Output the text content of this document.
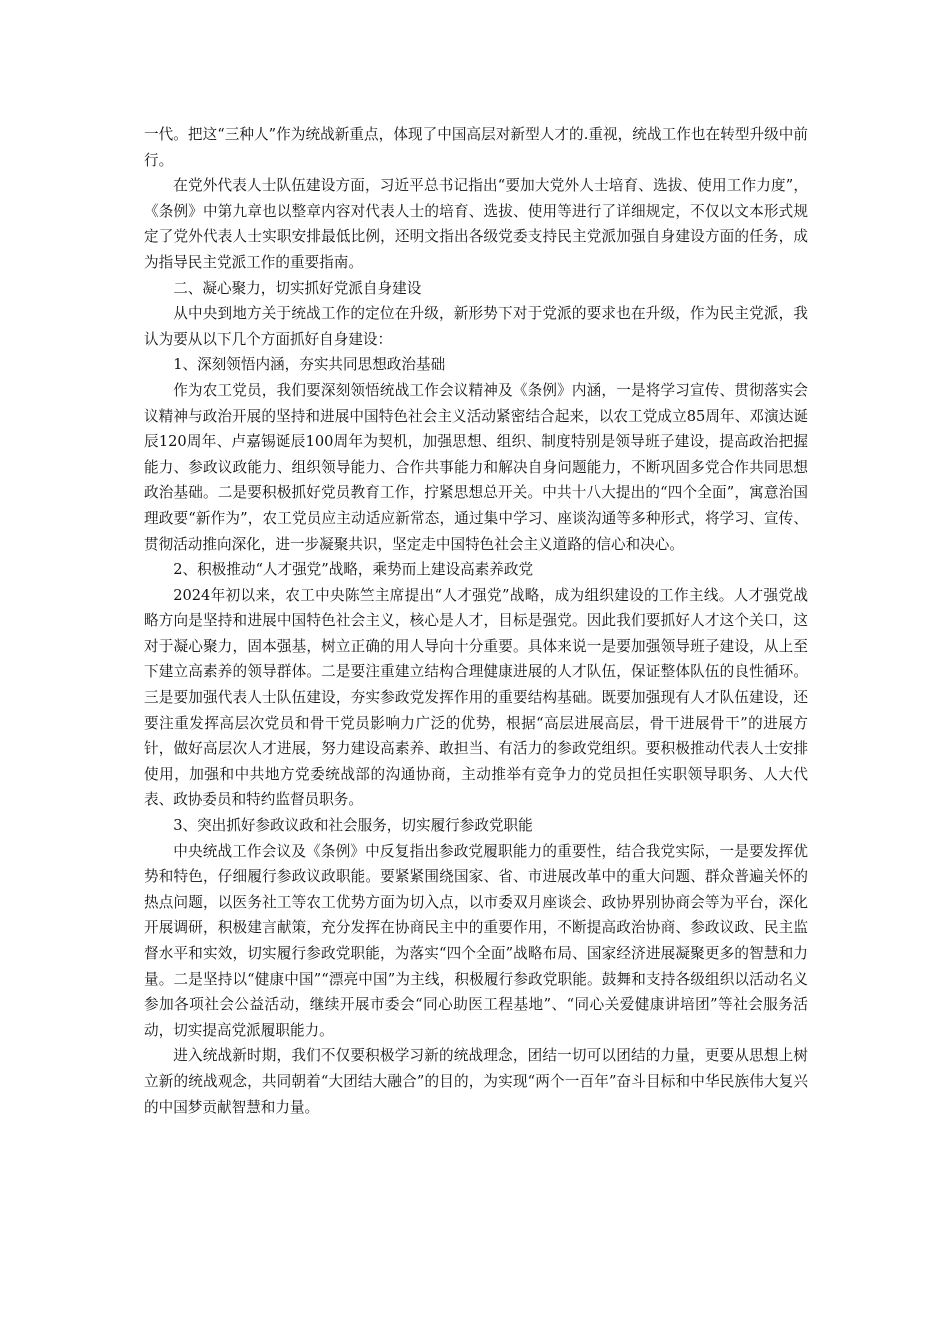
一代。把这“三种人”作为统战新重点，体现了中国高层对新型人才的.重视，统战工作也在转型升级中前行。

在党外代表人士队伍建设方面，习近平总书记指出“要加大党外人士培育、选拔、使用工作力度”，《条例》中第九章也以整章内容对代表人士的培育、选拔、使用等进行了详细规定，不仅以文本形式规定了党外代表人士实职安排最低比例，还明文指出各级党委支持民主党派加强自身建设方面的任务，成为指导民主党派工作的重要指南。

二、凝心聚力，切实抓好党派自身建设

从中央到地方关于统战工作的定位在升级，新形势下对于党派的要求也在升级，作为民主党派，我认为要从以下几个方面抓好自身建设：

1、深刻领悟内涵，夯实共同思想政治基础

作为农工党员，我们要深刻领悟统战工作会议精神及《条例》内涵，一是将学习宣传、贯彻落实会议精神与政治开展的坚持和进展中国特色社会主义活动紧密结合起来，以农工党成立85周年、邓演达诞辰120周年、卢嘉锡诞辰100周年为契机，加强思想、组织、制度特别是领导班子建设，提高政治把握能力、参政议政能力、组织领导能力、合作共事能力和解决自身问题能力，不断巩固多党合作共同思想政治基础。二是要积极抓好党员教育工作，拧紧思想总开关。中共十八大提出的“四个全面”，寓意治国理政要“新作为”，农工党员应主动适应新常态，通过集中学习、座谈沟通等多种形式，将学习、宣传、贯彻活动推向深化，进一步凝聚共识，坚定走中国特色社会主义道路的信心和决心。

2、积极推动“人才强党”战略，乘势而上建设高素养政党

2024年初以来，农工中央陈竺主席提出“人才强党”战略，成为组织建设的工作主线。人才强党战略方向是坚持和进展中国特色社会主义，核心是人才，目标是强党。因此我们要抓好人才这个关口，这对于凝心聚力，固本强基，树立正确的用人导向十分重要。具体来说一是要加强领导班子建设，从上至下建立高素养的领导群体。二是要注重建立结构合理健康进展的人才队伍，保证整体队伍的良性循环。三是要加强代表人士队伍建设，夯实参政党发挥作用的重要结构基础。既要加强现有人才队伍建设，还要注重发挥高层次党员和骨干党员影响力广泛的优势，根据“高层进展高层，骨干进展骨干”的进展方针，做好高层次人才进展，努力建设高素养、敢担当、有活力的参政党组织。要积极推动代表人士安排使用，加强和中共地方党委统战部的沟通协商，主动推举有竞争力的党员担任实职领导职务、人大代表、政协委员和特约监督员职务。

3、突出抓好参政议政和社会服务，切实履行参政党职能

中央统战工作会议及《条例》中反复指出参政党履职能力的重要性，结合我党实际，一是要发挥优势和特色，仔细履行参政议政职能。要紧紧围绕国家、省、市进展改革中的重大问题、群众普遍关怀的热点问题，以医务社工等农工优势方面为切入点，以市委双月座谈会、政协界别协商会等为平台，深化开展调研，积极建言献策，充分发挥在协商民主中的重要作用，不断提高政治协商、参政议政、民主监督水平和实效，切实履行参政党职能，为落实“四个全面”战略布局、国家经济进展凝聚更多的智慧和力量。二是坚持以“健康中国”“漂亮中国”为主线，积极履行参政党职能。鼓舞和支持各级组织以活动名义参加各项社会公益活动，继续开展市委会“同心助医工程基地”、“同心关爱健康讲培团”等社会服务活动，切实提高党派履职能力。

进入统战新时期，我们不仅要积极学习新的统战理念，团结一切可以团结的力量，更要从思想上树立新的统战观念，共同朝着“大团结大融合”的目的，为实现“两个一百年”奋斗目标和中华民族伟大复兴的中国梦贡献智慧和力量。
